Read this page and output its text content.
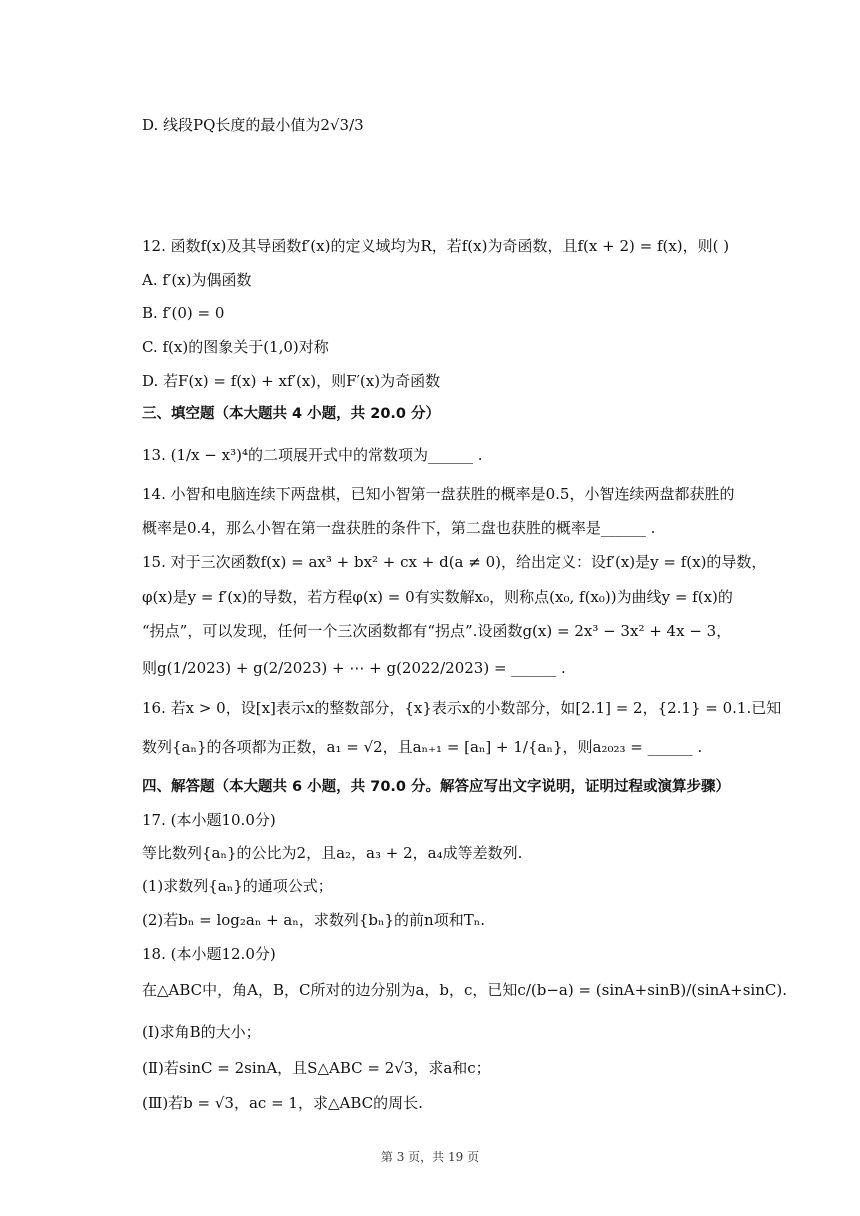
D. 线段PQ长度的最小值为2√3/3
12. 函数f(x)及其导函数f′(x)的定义域均为R，若f(x)为奇函数，且f(x + 2) = f(x)，则( )
A. f′(x)为偶函数
B. f′(0) = 0
C. f(x)的图象关于(1,0)对称
D. 若F(x) = f(x) + xf′(x)，则F′(x)为奇函数
三、填空题（本大题共 4 小题，共 20.0 分）
13. (1/x − x³)⁴的二项展开式中的常数项为______ .
14. 小智和电脑连续下两盘棋，已知小智第一盘获胜的概率是0.5，小智连续两盘都获胜的
概率是0.4，那么小智在第一盘获胜的条件下，第二盘也获胜的概率是______ .
15. 对于三次函数f(x) = ax³ + bx² + cx + d(a ≠ 0)，给出定义：设f′(x)是y = f(x)的导数，
φ(x)是y = f′(x)的导数，若方程φ(x) = 0有实数解x₀，则称点(x₀, f(x₀))为曲线y = f(x)的
“拐点”，可以发现，任何一个三次函数都有“拐点”.设函数g(x) = 2x³ − 3x² + 4x − 3，
则g(1/2023) + g(2/2023) + ⋯ + g(2022/2023) = ______ .
16. 若x > 0，设[x]表示x的整数部分，{x}表示x的小数部分，如[2.1] = 2，{2.1} = 0.1.已知
数列{aₙ}的各项都为正数，a₁ = √2，且aₙ₊₁ = [aₙ] + 1/{aₙ}，则a₂₀₂₃ = ______ .
四、解答题（本大题共 6 小题，共 70.0 分。解答应写出文字说明，证明过程或演算步骤）
17. (本小题10.0分)
等比数列{aₙ}的公比为2，且a₂，a₃ + 2，a₄成等差数列.
(1)求数列{aₙ}的通项公式；
(2)若bₙ = log₂aₙ + aₙ，求数列{bₙ}的前n项和Tₙ.
18. (本小题12.0分)
在△ABC中，角A，B，C所对的边分别为a，b，c，已知c/(b−a) = (sinA+sinB)/(sinA+sinC).
(Ⅰ)求角B的大小；
(Ⅱ)若sinC = 2sinA，且S△ABC = 2√3，求a和c；
(Ⅲ)若b = √3，ac = 1，求△ABC的周长.
第 3 页，共 19 页
